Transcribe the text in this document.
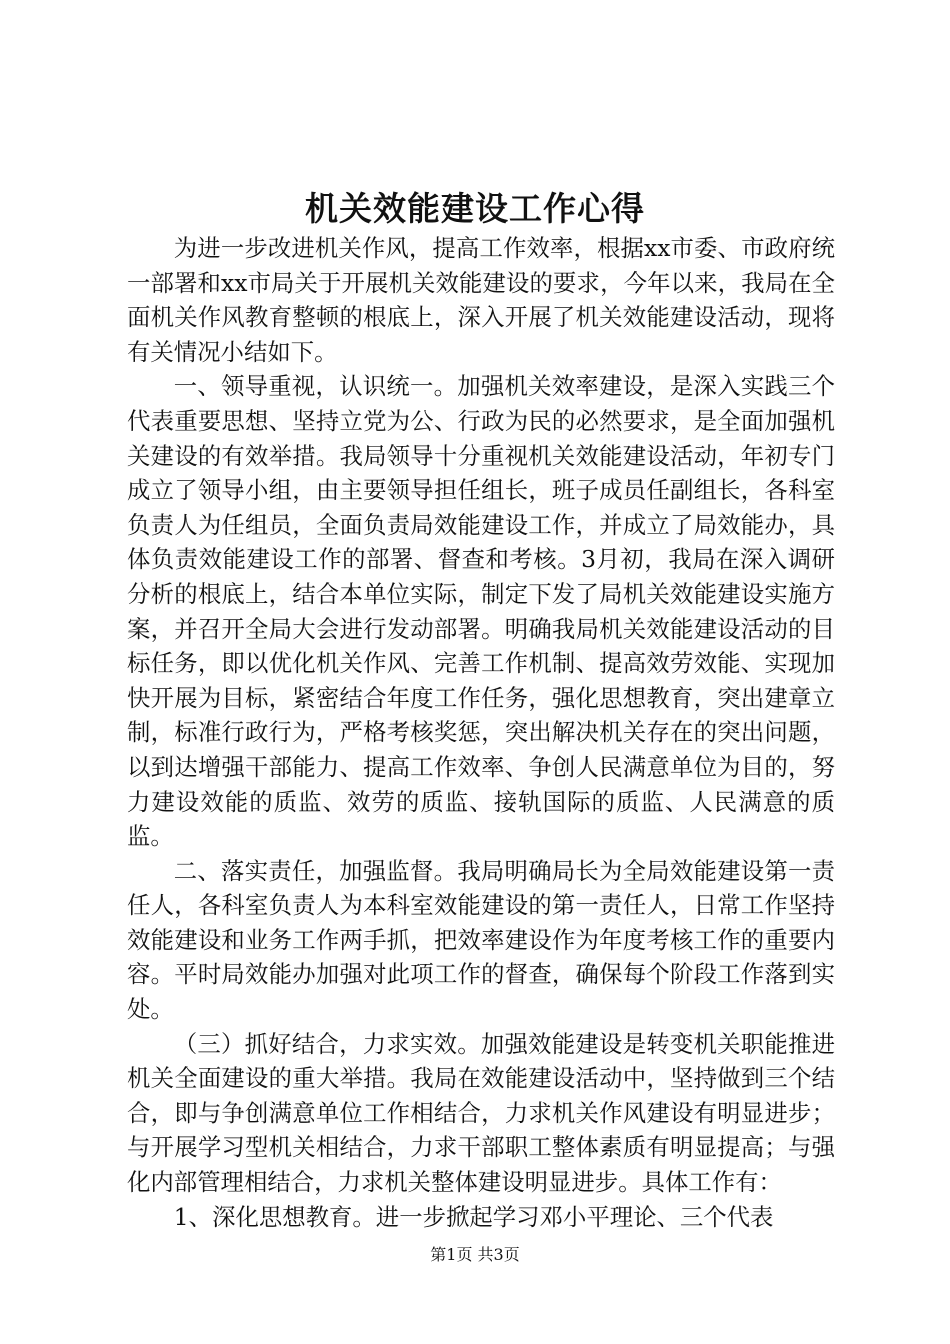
机关效能建设工作心得

为进一步改进机关作风，提高工作效率，根据xx市委、市政府统一部署和xx市局关于开展机关效能建设的要求，今年以来，我局在全面机关作风教育整顿的根底上，深入开展了机关效能建设活动，现将有关情况小结如下。

一、领导重视，认识统一。加强机关效率建设，是深入实践三个代表重要思想、坚持立党为公、行政为民的必然要求，是全面加强机关建设的有效举措。我局领导十分重视机关效能建设活动，年初专门成立了领导小组，由主要领导担任组长，班子成员任副组长，各科室负责人为任组员，全面负责局效能建设工作，并成立了局效能办，具体负责效能建设工作的部署、督查和考核。3月初，我局在深入调研分析的根底上，结合本单位实际，制定下发了局机关效能建设实施方案，并召开全局大会进行发动部署。明确我局机关效能建设活动的目标任务，即以优化机关作风、完善工作机制、提高效劳效能、实现加快开展为目标，紧密结合年度工作任务，强化思想教育，突出建章立制，标准行政行为，严格考核奖惩，突出解决机关存在的突出问题，以到达增强干部能力、提高工作效率、争创人民满意单位为目的，努力建设效能的质监、效劳的质监、接轨国际的质监、人民满意的质监。

二、落实责任，加强监督。我局明确局长为全局效能建设第一责任人，各科室负责人为本科室效能建设的第一责任人，日常工作坚持效能建设和业务工作两手抓，把效率建设作为年度考核工作的重要内容。平时局效能办加强对此项工作的督查，确保每个阶段工作落到实处。

（三）抓好结合，力求实效。加强效能建设是转变机关职能推进机关全面建设的重大举措。我局在效能建设活动中，坚持做到三个结合，即与争创满意单位工作相结合，力求机关作风建设有明显进步；与开展学习型机关相结合，力求干部职工整体素质有明显提高；与强化内部管理相结合，力求机关整体建设明显进步。具体工作有：

1、深化思想教育。进一步掀起学习邓小平理论、三个代表

第1页 共3页
